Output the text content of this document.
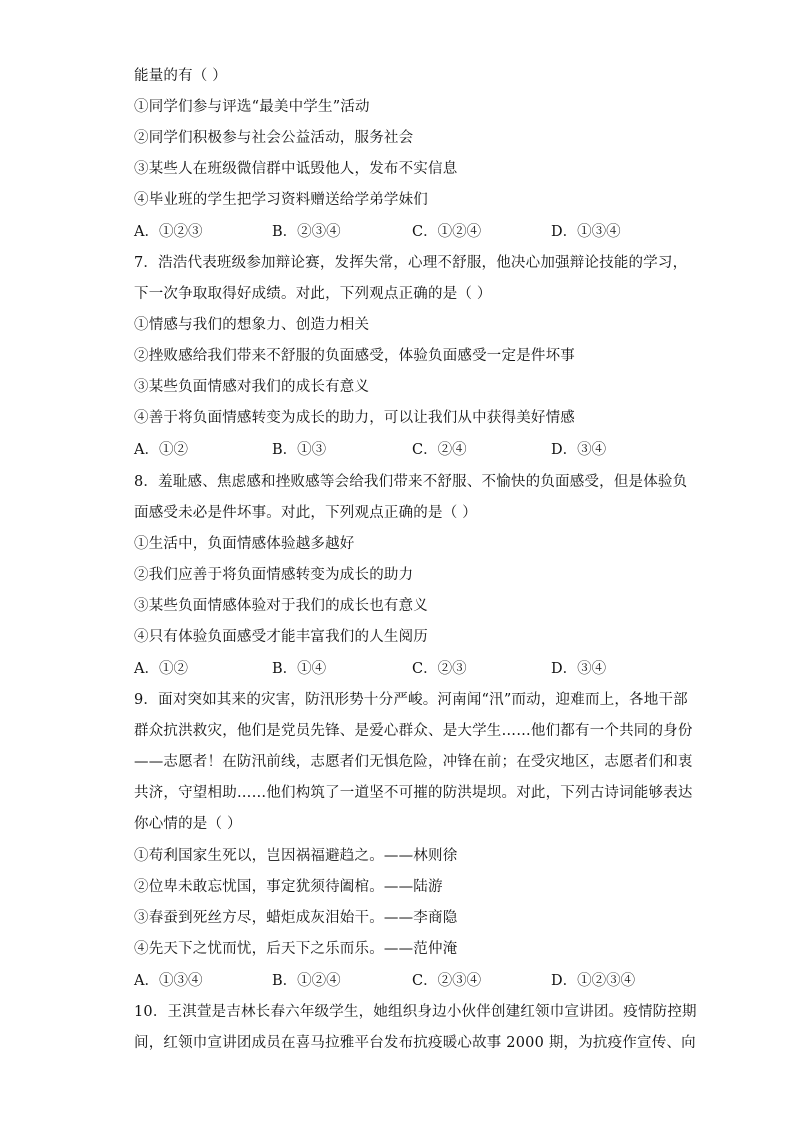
能量的有（ ）
①同学们参与评选“最美中学生”活动
②同学们积极参与社会公益活动，服务社会
③某些人在班级微信群中诋毁他人，发布不实信息
④毕业班的学生把学习资料赠送给学弟学妹们
A．①②③	B．②③④	C．①②④	D．①③④
7．浩浩代表班级参加辩论赛，发挥失常，心理不舒服，他决心加强辩论技能的学习，
下一次争取取得好成绩。对此，下列观点正确的是（ ）
①情感与我们的想象力、创造力相关
②挫败感给我们带来不舒服的负面感受，体验负面感受一定是件坏事
③某些负面情感对我们的成长有意义
④善于将负面情感转变为成长的助力，可以让我们从中获得美好情感
A．①②	B．①③	C．②④	D．③④
8．羞耻感、焦虑感和挫败感等会给我们带来不舒服、不愉快的负面感受，但是体验负
面感受未必是件坏事。对此，下列观点正确的是（ ）
①生活中，负面情感体验越多越好
②我们应善于将负面情感转变为成长的助力
③某些负面情感体验对于我们的成长也有意义
④只有体验负面感受才能丰富我们的人生阅历
A．①②	B．①④	C．②③	D．③④
9．面对突如其来的灾害，防汛形势十分严峻。河南闻“汛”而动，迎难而上，各地干部
群众抗洪救灾，他们是党员先锋、是爱心群众、是大学生……他们都有一个共同的身份
——志愿者！在防汛前线，志愿者们无惧危险，冲锋在前；在受灾地区，志愿者们和衷
共济，守望相助……他们构筑了一道坚不可摧的防洪堤坝。对此，下列古诗词能够表达
你心情的是（ ）
①苟利国家生死以，岂因祸福避趋之。——林则徐
②位卑未敢忘忧国，事定犹须待阖棺。——陆游
③春蚕到死丝方尽，蜡炬成灰泪始干。——李商隐
④先天下之忧而忧，后天下之乐而乐。——范仲淹
A．①③④	B．①②④	C．②③④	D．①②③④
10．王淇萱是吉林长春六年级学生，她组织身边小伙伴创建红领巾宣讲团。疫情防控期
间，红领巾宣讲团成员在喜马拉雅平台发布抗疫暖心故事 2000 期，为抗疫作宣传、向
